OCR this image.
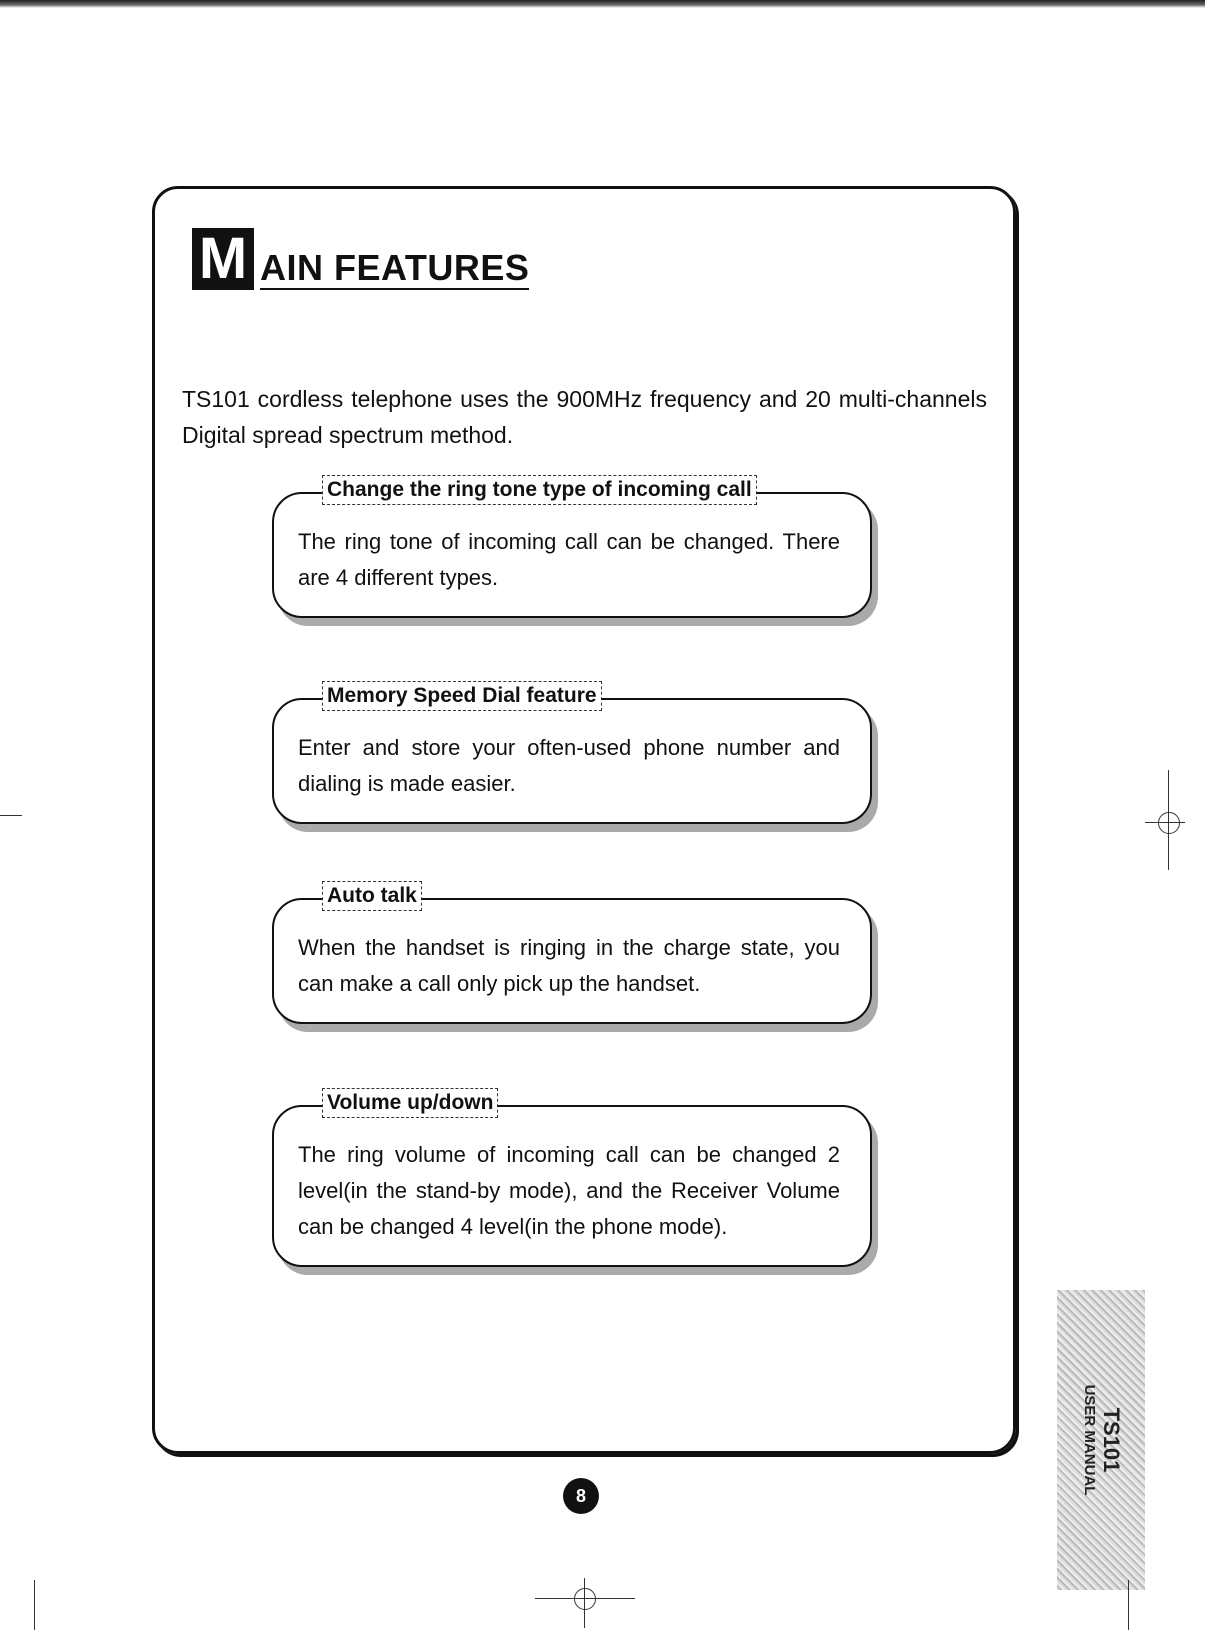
M AIN FEATURES

TS101 cordless telephone uses the 900MHz frequency and 20 multi-channels Digital spread spectrum method.

Change the ring tone type of incoming call
The ring tone of incoming call can be changed. There are 4 different types.
Memory Speed Dial feature
Enter and store your often-used phone number and dialing is made easier.
Auto talk
When the handset is ringing in the charge state, you can make a call only pick up the handset.
Volume up/down
The ring volume of incoming call can be changed 2 level(in the stand-by mode), and the Receiver Volume can be changed 4 level(in the phone mode).
8
TS101
USER MANUAL
